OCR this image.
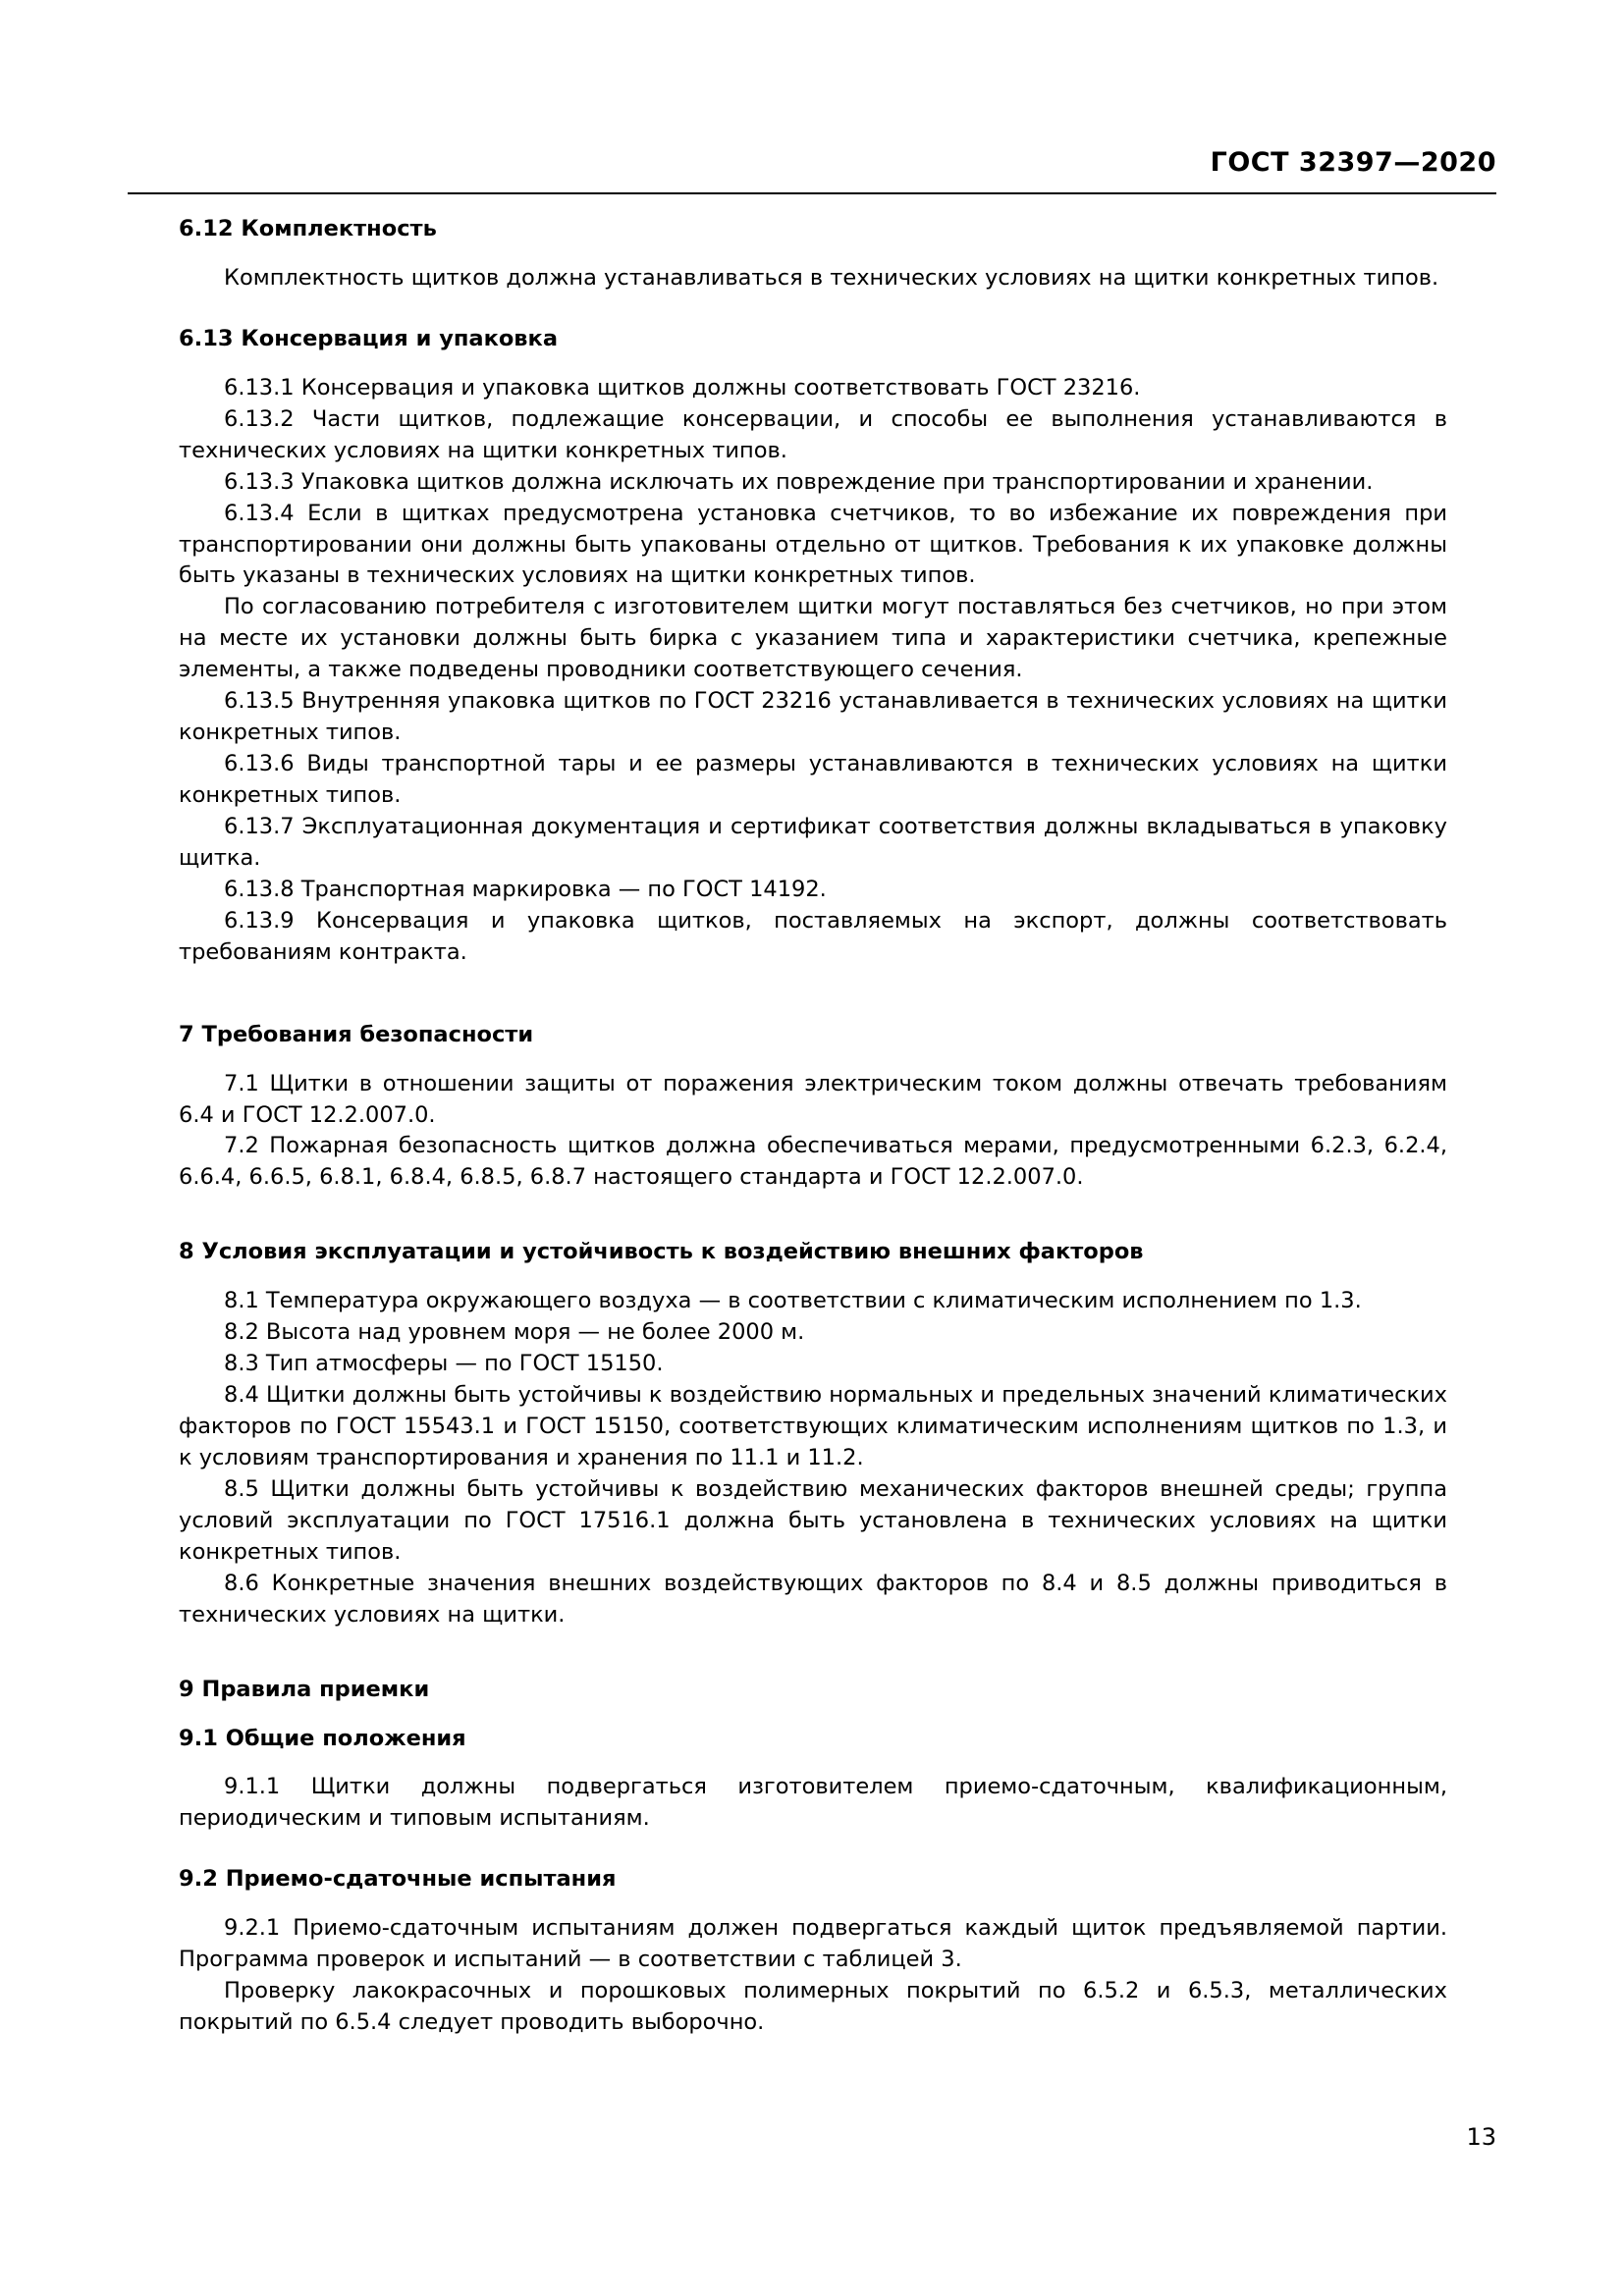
ГОСТ 32397—2020

6.12 Комплектность

Комплектность щитков должна устанавливаться в технических условиях на щитки конкретных типов.

6.13 Консервация и упаковка

6.13.1 Консервация и упаковка щитков должны соответствовать ГОСТ 23216.

6.13.2 Части щитков, подлежащие консервации, и способы ее выполнения устанавливаются в технических условиях на щитки конкретных типов.

6.13.3 Упаковка щитков должна исключать их повреждение при транспортировании и хранении.

6.13.4 Если в щитках предусмотрена установка счетчиков, то во избежание их повреждения при транспортировании они должны быть упакованы отдельно от щитков. Требования к их упаковке должны быть указаны в технических условиях на щитки конкретных типов.

По согласованию потребителя с изготовителем щитки могут поставляться без счетчиков, но при этом на месте их установки должны быть бирка с указанием типа и характеристики счетчика, крепежные элементы, а также подведены проводники соответствующего сечения.

6.13.5 Внутренняя упаковка щитков по ГОСТ 23216 устанавливается в технических условиях на щитки конкретных типов.

6.13.6 Виды транспортной тары и ее размеры устанавливаются в технических условиях на щитки конкретных типов.

6.13.7 Эксплуатационная документация и сертификат соответствия должны вкладываться в упаковку щитка.

6.13.8 Транспортная маркировка — по ГОСТ 14192.

6.13.9 Консервация и упаковка щитков, поставляемых на экспорт, должны соответствовать требованиям контракта.

7 Требования безопасности

7.1 Щитки в отношении защиты от поражения электрическим током должны отвечать требованиям 6.4 и ГОСТ 12.2.007.0.

7.2 Пожарная безопасность щитков должна обеспечиваться мерами, предусмотренными 6.2.3, 6.2.4, 6.6.4, 6.6.5, 6.8.1, 6.8.4, 6.8.5, 6.8.7 настоящего стандарта и ГОСТ 12.2.007.0.

8 Условия эксплуатации и устойчивость к воздействию внешних факторов

8.1 Температура окружающего воздуха — в соответствии с климатическим исполнением по 1.3.

8.2 Высота над уровнем моря — не более 2000 м.

8.3 Тип атмосферы — по ГОСТ 15150.

8.4 Щитки должны быть устойчивы к воздействию нормальных и предельных значений климатических факторов по ГОСТ 15543.1 и ГОСТ 15150, соответствующих климатическим исполнениям щитков по 1.3, и к условиям транспортирования и хранения по 11.1 и 11.2.

8.5 Щитки должны быть устойчивы к воздействию механических факторов внешней среды; группа условий эксплуатации по ГОСТ 17516.1 должна быть установлена в технических условиях на щитки конкретных типов.

8.6 Конкретные значения внешних воздействующих факторов по 8.4 и 8.5 должны приводиться в технических условиях на щитки.

9 Правила приемки

9.1 Общие положения

9.1.1 Щитки должны подвергаться изготовителем приемо-сдаточным, квалификационным, периодическим и типовым испытаниям.

9.2 Приемо-сдаточные испытания

9.2.1 Приемо-сдаточным испытаниям должен подвергаться каждый щиток предъявляемой партии. Программа проверок и испытаний — в соответствии с таблицей 3.

Проверку лакокрасочных и порошковых полимерных покрытий по 6.5.2 и 6.5.3, металлических покрытий по 6.5.4 следует проводить выборочно.

13
